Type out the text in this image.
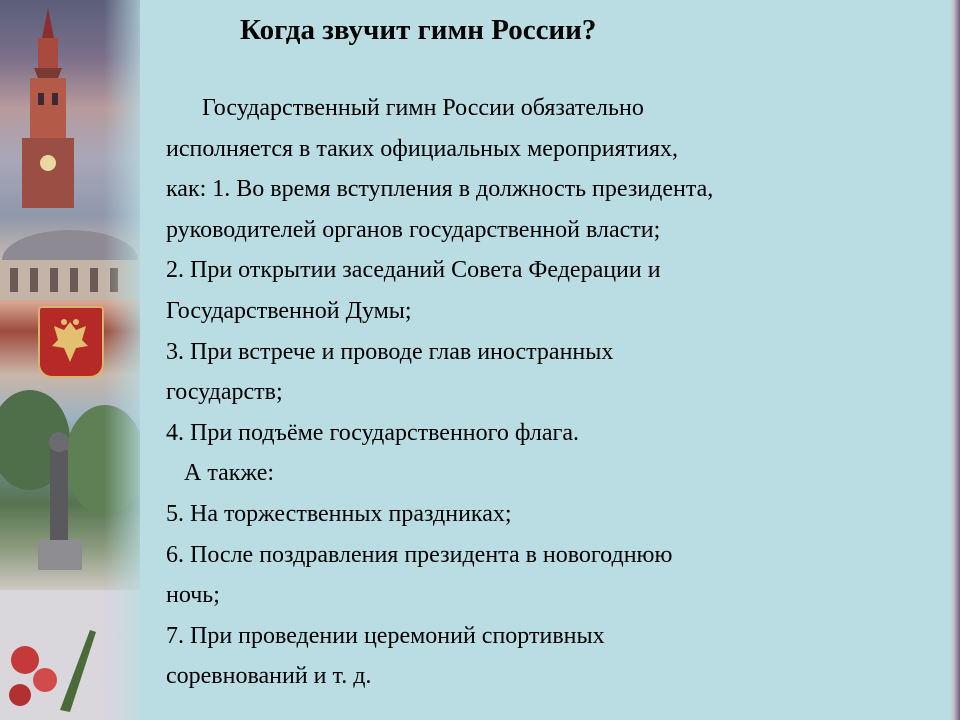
Когда звучит гимн России?
Государственный гимн России обязательно
исполняется в таких официальных мероприятиях,
как: 1. Во время вступления в должность президента,
руководителей органов государственной власти;
2. При открытии заседаний Совета Федерации и
Государственной Думы;
3. При встрече и проводе глав иностранных
государств;
4. При подъёме государственного флага.
А также:
5. На торжественных праздниках;
6. После поздравления президента в новогоднюю
ночь;
7. При проведении церемоний спортивных
соревнований и т. д.
